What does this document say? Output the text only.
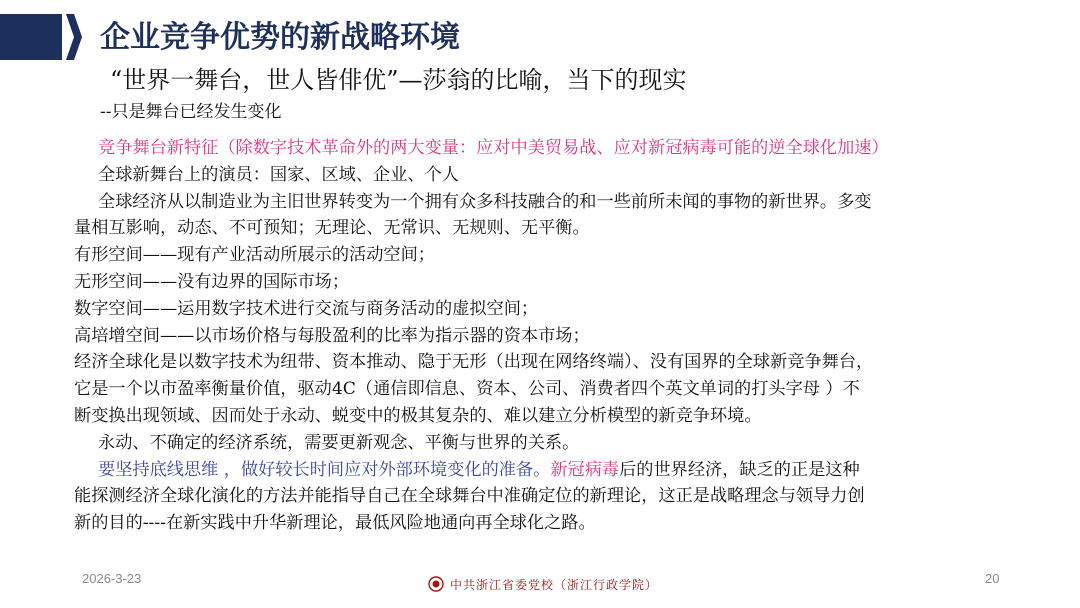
企业竞争优势的新战略环境
“世界一舞台，世人皆俳优”—莎翁的比喻，当下的现实
--只是舞台已经发生变化
竞争舞台新特征（除数字技术革命外的两大变量：应对中美贸易战、应对新冠病毒可能的逆全球化加速）
全球新舞台上的演员：国家、区域、企业、个人
全球经济从以制造业为主旧世界转变为一个拥有众多科技融合的和一些前所未闻的事物的新世界。多变
量相互影响，动态、不可预知；无理论、无常识、无规则、无平衡。
有形空间——现有产业活动所展示的活动空间；
无形空间——没有边界的国际市场；
数字空间——运用数字技术进行交流与商务活动的虚拟空间；
高培增空间——以市场价格与每股盈利的比率为指示器的资本市场；
经济全球化是以数字技术为纽带、资本推动、隐于无形（出现在网络终端）、没有国界的全球新竞争舞台，
它是一个以市盈率衡量价值，驱动4C（通信即信息、资本、公司、消费者四个英文单词的打头字母 ）不
断变换出现领域、因而处于永动、蜕变中的极其复杂的、难以建立分析模型的新竞争环境。
永动、不确定的经济系统，需要更新观念、平衡与世界的关系。
要坚持底线思维 ，做好较长时间应对外部环境变化的准备。新冠病毒后的世界经济，缺乏的正是这种
能探测经济全球化演化的方法并能指导自己在全球舞台中准确定位的新理论，这正是战略理念与领导力创
新的目的----在新实践中升华新理论，最低风险地通向再全球化之路。
2026-3-23	中共浙江省委党校（浙江行政学院）	20
